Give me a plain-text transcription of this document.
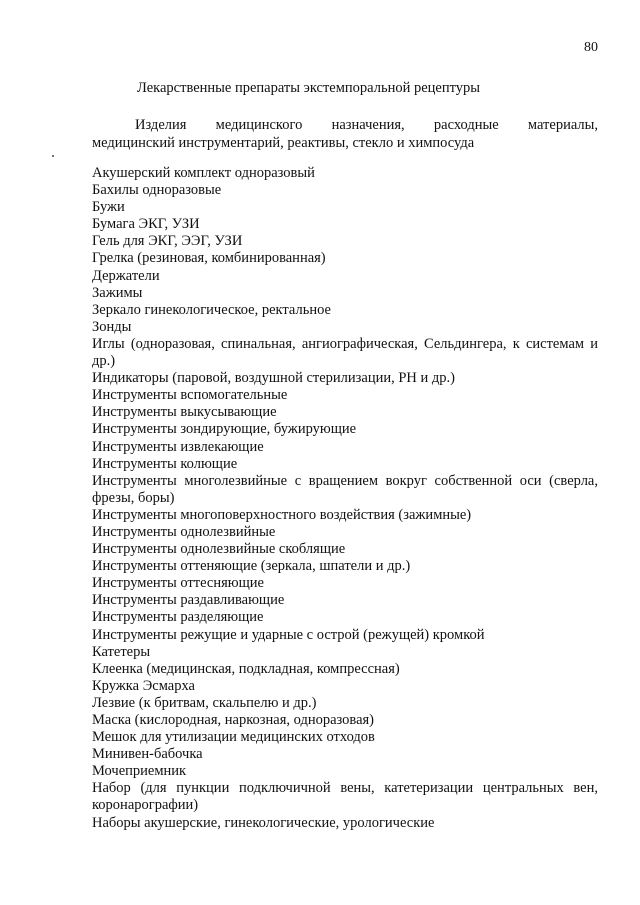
80
Лекарственные препараты экстемпоральной рецептуры
Изделия медицинского назначения, расходные материалы,
медицинский инструментарий, реактивы, стекло и химпосуда
Акушерский комплект одноразовый
Бахилы одноразовые
Бужи
Бумага ЭКГ, УЗИ
Гель для ЭКГ, ЭЭГ, УЗИ
Грелка (резиновая, комбинированная)
Держатели
Зажимы
Зеркало гинекологическое, ректальное
Зонды
Иглы (одноразовая, спинальная, ангиографическая, Сельдингера, к системам и др.)
Индикаторы (паровой, воздушной стерилизации, РН и др.)
Инструменты вспомогательные
Инструменты выкусывающие
Инструменты зондирующие, бужирующие
Инструменты извлекающие
Инструменты колющие
Инструменты многолезвийные с вращением вокруг собственной оси (сверла, фрезы, боры)
Инструменты многоповерхностного воздействия (зажимные)
Инструменты однолезвийные
Инструменты однолезвийные скоблящие
Инструменты оттеняющие (зеркала, шпатели и др.)
Инструменты оттесняющие
Инструменты раздавливающие
Инструменты разделяющие
Инструменты режущие и ударные с острой (режущей) кромкой
Катетеры
Клеенка (медицинская, подкладная, компрессная)
Кружка Эсмарха
Лезвие (к бритвам, скальпелю и др.)
Маска (кислородная, наркозная, одноразовая)
Мешок для утилизации медицинских отходов
Минивен-бабочка
Мочеприемник
Набор (для пункции подключичной вены, катетеризации центральных вен, коронарографии)
Наборы акушерские, гинекологические, урологические
